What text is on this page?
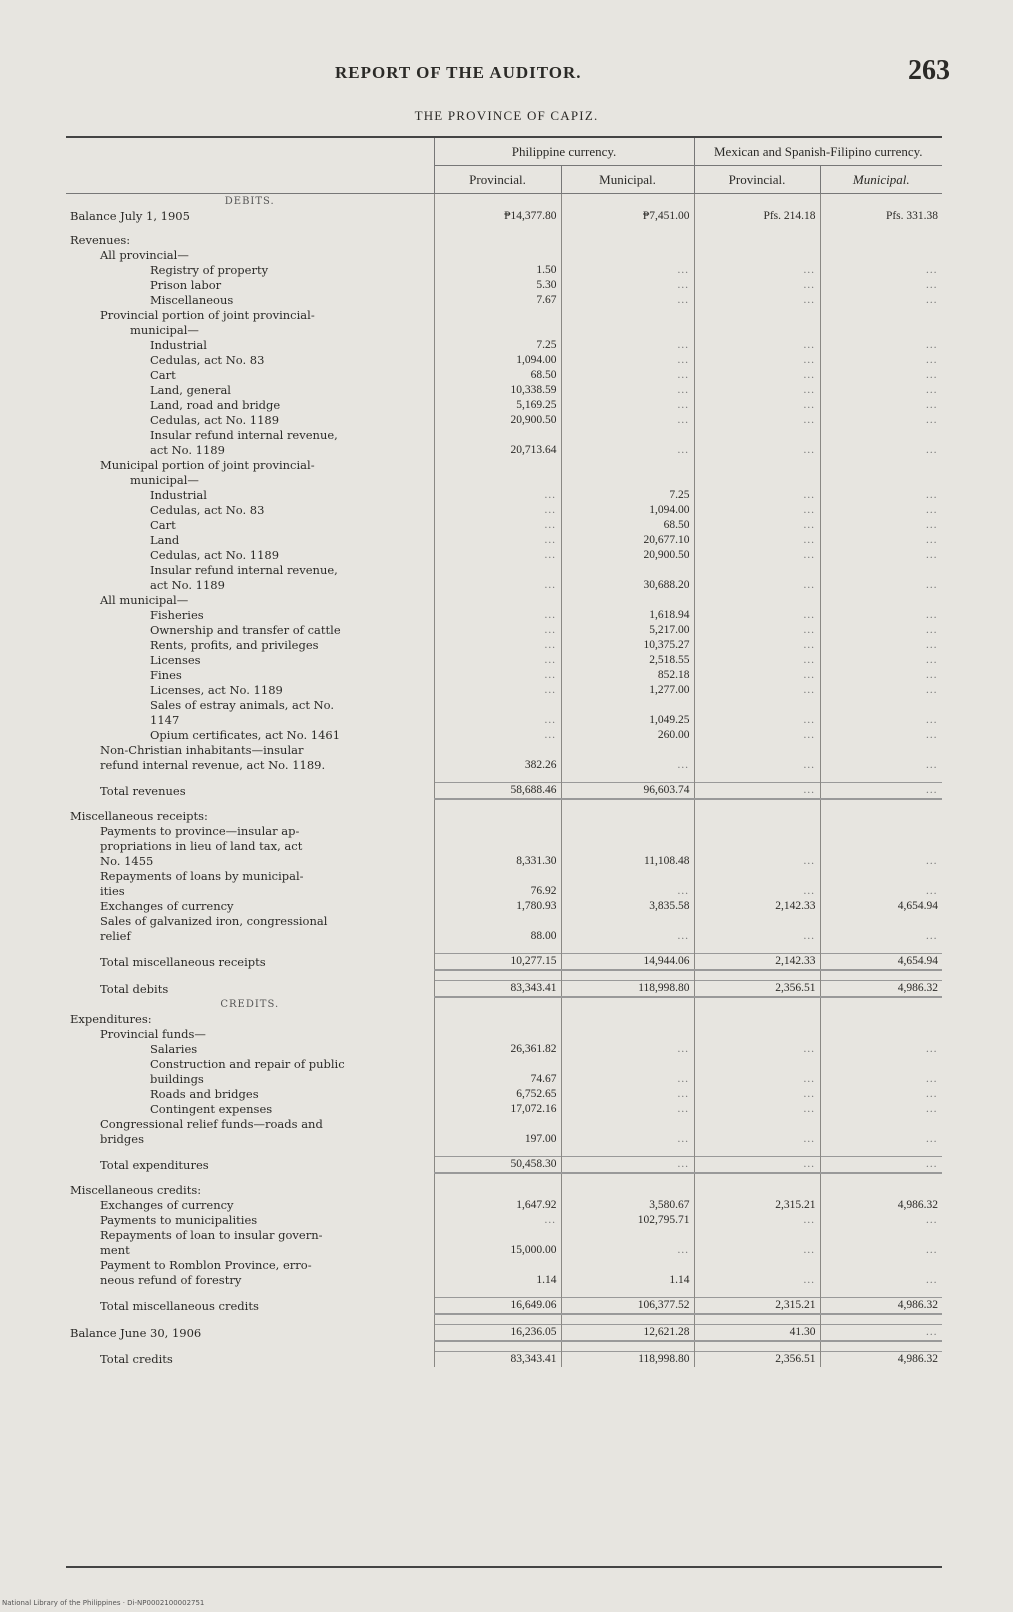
REPORT OF THE AUDITOR.	263
THE PROVINCE OF CAPIZ.
	Philippine currency.		Mexican and Spanish-Filipino currency.	
	Provincial.	Municipal.	Provincial.	Municipal.
DEBITS.				
Balance July 1, 1905	₱14,377.80	₱7,451.00	Pfs. 214.18	Pfs. 331.38

Revenues:				
All provincial—				
Registry of property	1.50	…	…	…
Prison labor	5.30	…	…	…
Miscellaneous	7.67	…	…	…
Provincial portion of joint provincial-				
municipal—				
Industrial	7.25	…	…	…
Cedulas, act No. 83	1,094.00	…	…	…
Cart	68.50	…	…	…
Land, general	10,338.59	…	…	…
Land, road and bridge	5,169.25	…	…	…
Cedulas, act No. 1189	20,900.50	…	…	…
Insular refund internal revenue,				
act No. 1189	20,713.64	…	…	…
Municipal portion of joint provincial-				
municipal—				
Industrial	…	7.25	…	…
Cedulas, act No. 83	…	1,094.00	…	…
Cart	…	68.50	…	…
Land	…	20,677.10	…	…
Cedulas, act No. 1189	…	20,900.50	…	…
Insular refund internal revenue,				
act No. 1189	…	30,688.20	…	…
All municipal—				
Fisheries	…	1,618.94	…	…
Ownership and transfer of cattle	…	5,217.00	…	…
Rents, profits, and privileges	…	10,375.27	…	…
Licenses	…	2,518.55	…	…
Fines	…	852.18	…	…
Licenses, act No. 1189	…	1,277.00	…	…
Sales of estray animals, act No.				
1147	…	1,049.25	…	…
Opium certificates, act No. 1461	…	260.00	…	…
Non-Christian inhabitants—insular				
refund internal revenue, act No. 1189.	382.26	…	…	…

Total revenues	58,688.46	96,603.74	…	…

Miscellaneous receipts:				
Payments to province—insular ap-				
propriations in lieu of land tax, act				
No. 1455	8,331.30	11,108.48	…	…
Repayments of loans by municipal-				
ities	76.92	…	…	…
Exchanges of currency	1,780.93	3,835.58	2,142.33	4,654.94
Sales of galvanized iron, congressional				
relief	88.00	…	…	…

Total miscellaneous receipts	10,277.15	14,944.06	2,142.33	4,654.94

Total debits	83,343.41	118,998.80	2,356.51	4,986.32
CREDITS.				
Expenditures:				
Provincial funds—				
Salaries	26,361.82	…	…	…
Construction and repair of public				
buildings	74.67	…	…	…
Roads and bridges	6,752.65	…	…	…
Contingent expenses	17,072.16	…	…	…
Congressional relief funds—roads and				
bridges	197.00	…	…	…

Total expenditures	50,458.30	…	…	…

Miscellaneous credits:				
Exchanges of currency	1,647.92	3,580.67	2,315.21	4,986.32
Payments to municipalities	…	102,795.71	…	…
Repayments of loan to insular govern-				
ment	15,000.00	…	…	…
Payment to Romblon Province, erro-				
neous refund of forestry	1.14	1.14	…	…

Total miscellaneous credits	16,649.06	106,377.52	2,315.21	4,986.32

Balance June 30, 1906	16,236.05	12,621.28	41.30	…

Total credits	83,343.41	118,998.80	2,356.51	4,986.32
National Library of the Philippines · Di-NP0002100002751
